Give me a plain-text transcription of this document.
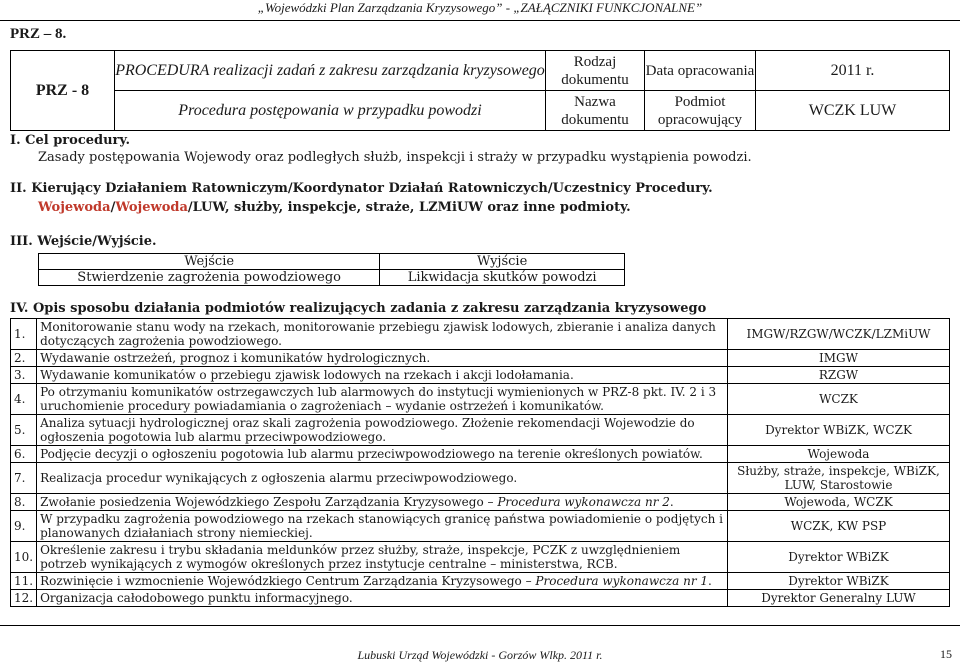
„Wojewódzki Plan Zarządzania Kryzysowego” - „ZAŁĄCZNIKI FUNKCJONALNE”
PRZ – 8.
PRZ - 8	PROCEDURA realizacji zadań z zakresu zarządzania kryzysowego	Rodzaj dokumentu	Data opracowania	2011 r.
	Procedura postępowania w przypadku powodzi	Nazwa dokumentu	Podmiot opracowujący	WCZK LUW
I. Cel procedury.
Zasady postępowania Wojewody oraz podległych służb, inspekcji i straży w przypadku wystąpienia powodzi.
II. Kierujący Działaniem Ratowniczym/Koordynator Działań Ratowniczych/Uczestnicy Procedury.
Wojewoda/Wojewoda/LUW, służby, inspekcje, straże, LZMiUW oraz inne podmioty.
III. Wejście/Wyjście.
Wejście	Wyjście
Stwierdzenie zagrożenia powodziowego	Likwidacja skutków powodzi
IV. Opis sposobu działania podmiotów realizujących zadania z zakresu zarządzania kryzysowego
1.	Monitorowanie stanu wody na rzekach, monitorowanie przebiegu zjawisk lodowych, zbieranie i analiza danych dotyczących zagrożenia powodziowego.	IMGW/RZGW/WCZK/LZMiUW
2.	Wydawanie ostrzeżeń, prognoz i komunikatów hydrologicznych.	IMGW
3.	Wydawanie komunikatów o przebiegu zjawisk lodowych na rzekach i akcji lodołamania.	RZGW
4.	Po otrzymaniu komunikatów ostrzegawczych lub alarmowych do instytucji wymienionych w PRZ-8 pkt. IV. 2 i 3 uruchomienie procedury powiadamiania o zagrożeniach – wydanie ostrzeżeń i komunikatów.	WCZK
5.	Analiza sytuacji hydrologicznej oraz skali zagrożenia powodziowego. Złożenie rekomendacji Wojewodzie do ogłoszenia pogotowia lub alarmu przeciwpowodziowego.	Dyrektor WBiZK, WCZK
6.	Podjęcie decyzji o ogłoszeniu pogotowia lub alarmu przeciwpowodziowego na terenie określonych powiatów.	Wojewoda
7.	Realizacja procedur wynikających z ogłoszenia alarmu przeciwpowodziowego.	Służby, straże, inspekcje, WBiZK, LUW, Starostowie
8.	Zwołanie posiedzenia Wojewódzkiego Zespołu Zarządzania Kryzysowego – Procedura wykonawcza nr 2.	Wojewoda, WCZK
9.	W przypadku zagrożenia powodziowego na rzekach stanowiących granicę państwa powiadomienie o podjętych i planowanych działaniach strony niemieckiej.	WCZK, KW PSP
10.	Określenie zakresu i trybu składania meldunków przez służby, straże, inspekcje, PCZK z uwzględnieniem potrzeb wynikających z wymogów określonych przez instytucje centralne – ministerstwa, RCB.	Dyrektor WBiZK
11.	Rozwinięcie i wzmocnienie Wojewódzkiego Centrum Zarządzania Kryzysowego – Procedura wykonawcza nr 1.	Dyrektor WBiZK
12.	Organizacja całodobowego punktu informacyjnego.	Dyrektor Generalny LUW
Lubuski Urząd Wojewódzki - Gorzów Wlkp. 2011 r.	15
